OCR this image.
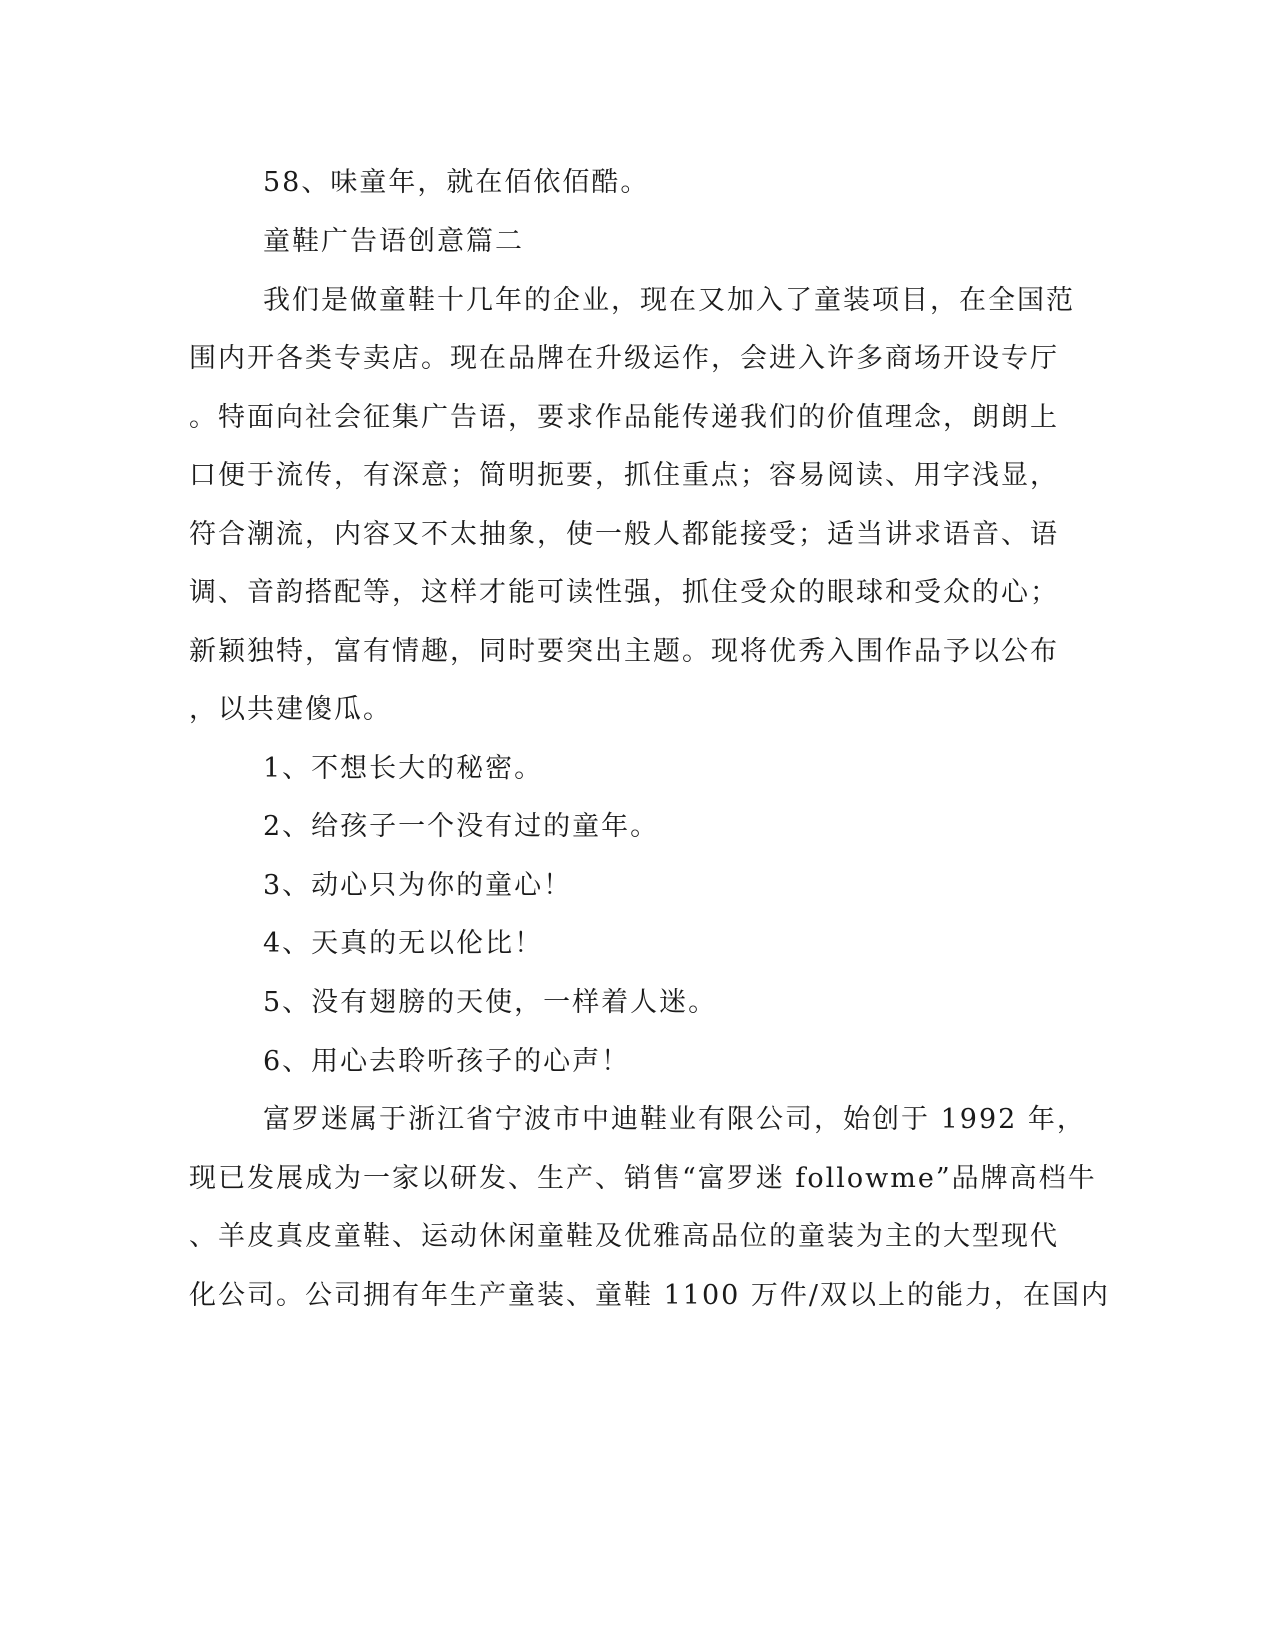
58、味童年，就在佰依佰酷。
童鞋广告语创意篇二
我们是做童鞋十几年的企业，现在又加入了童装项目，在全国范
围内开各类专卖店。现在品牌在升级运作，会进入许多商场开设专厅
。特面向社会征集广告语，要求作品能传递我们的价值理念，朗朗上
口便于流传，有深意；简明扼要，抓住重点；容易阅读、用字浅显，
符合潮流，内容又不太抽象，使一般人都能接受；适当讲求语音、语
调、音韵搭配等，这样才能可读性强，抓住受众的眼球和受众的心；
新颖独特，富有情趣，同时要突出主题。现将优秀入围作品予以公布
，以共建傻瓜。
1、不想长大的秘密。
2、给孩子一个没有过的童年。
3、动心只为你的童心！
4、天真的无以伦比！
5、没有翅膀的天使，一样着人迷。
6、用心去聆听孩子的心声！
富罗迷属于浙江省宁波市中迪鞋业有限公司，始创于 1992 年，
现已发展成为一家以研发、生产、销售“富罗迷 followme”品牌高档牛
、羊皮真皮童鞋、运动休闲童鞋及优雅高品位的童装为主的大型现代
化公司。公司拥有年生产童装、童鞋 1100 万件/双以上的能力，在国内
